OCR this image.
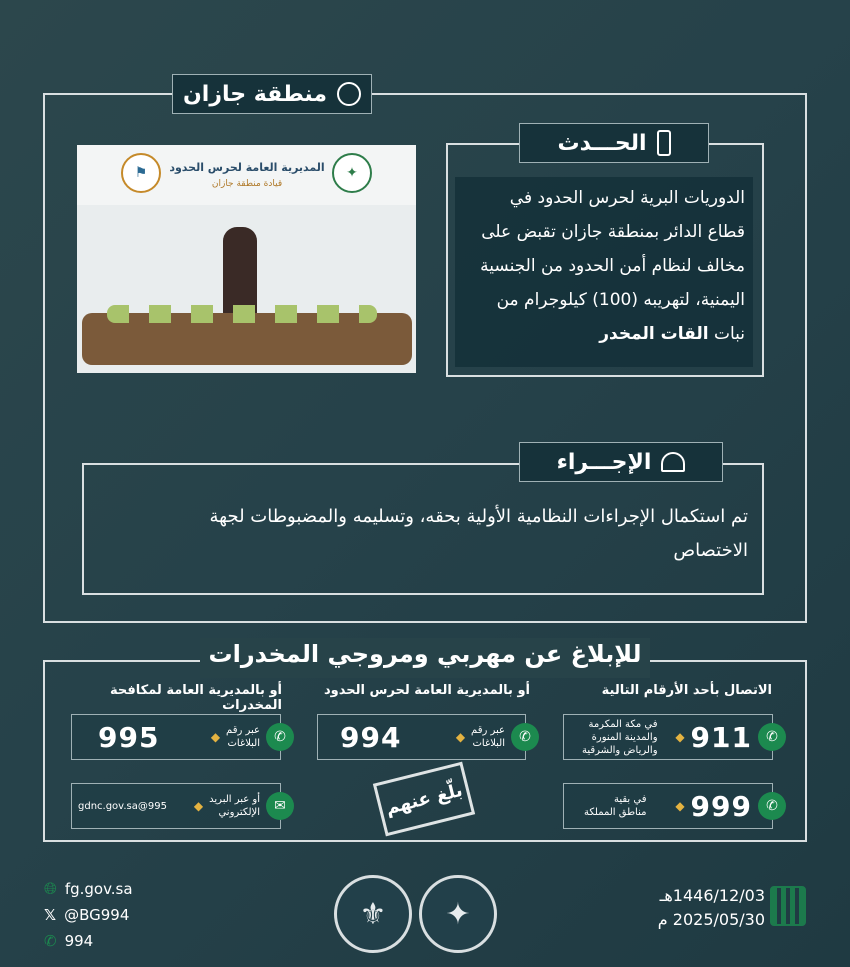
منطقة جازان
⚑	✦
المديرية العامة لحرس الحدود
قيادة منطقة جازان
الحـــدث
الدوريات البرية لحرس الحدود في
قطاع الدائر بمنطقة جازان تقبض على
مخالف لنظام أمن الحدود من الجنسية
اليمنية، لتهريبه (100) كيلوجرام من
نبات القات المخدر
الإجـــراء
تم استكمال الإجراءات النظامية الأولية بحقه، وتسليمه والمضبوطات لجهة
الاختصاص
للإبلاغ عن مهربي ومروجي المخدرات
الاتصال بأحد الأرقام التالية
أو بالمديرية العامة لحرس الحدود
أو بالمديرية العامة لمكافحة المخدرات
✆
911
◆
في مكة المكرمة
والمدينة المنورة
والرياض والشرقية
✆
999
◆
في بقية
مناطق المملكة
✆
عبر رقم
البلاغات
◆
994
✆
عبر رقم
البلاغات
◆
995
✉
أو عبر البريد
الإلكتروني
◆
995@gdnc.gov.sa	بلّغ عنهم
🌐︎ fg.gov.sa
𝕏 @BG994
✆ 994
⚜	✦
1446/12/03هـ
2025/05/30 م
